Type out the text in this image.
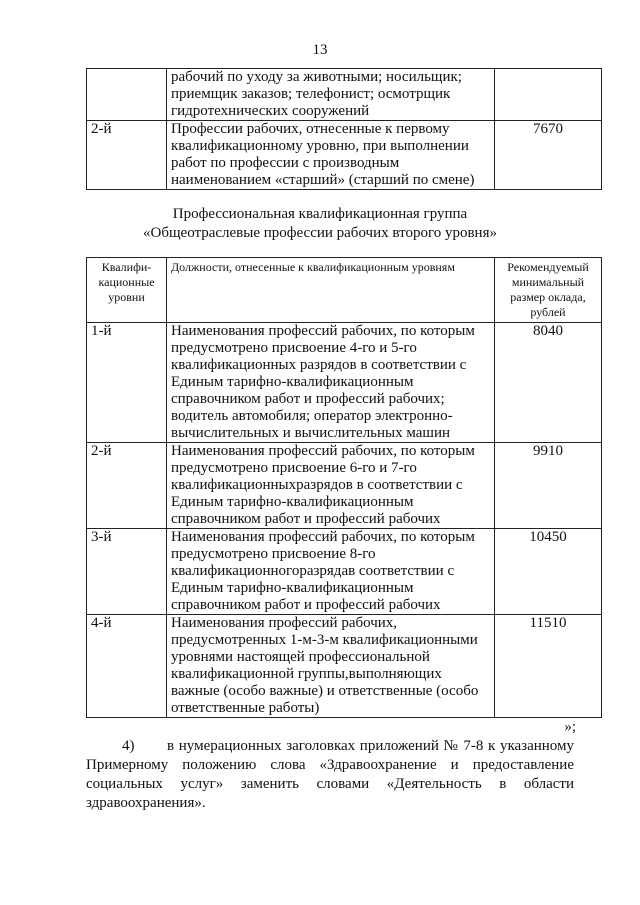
13
	рабочий по уходу за животными; носильщик; приемщик заказов; телефонист; осмотрщик гидротехнических сооружений	
2-й	Профессии рабочих, отнесенные к первому квалификационному уровню, при выполнении работ по профессии с производным наименованием «старший» (старший по смене)	7670
Профессиональная квалификационная группа
«Общеотраслевые профессии рабочих второго уровня»
Квалифи-кационные уровни	Должности, отнесенные к квалификационным уровням	Рекомендуемый минимальный размер оклада, рублей
1-й	Наименования профессий рабочих, по которым предусмотрено присвоение 4-го и 5-го квалификационных разрядов в соответствии с Единым тарифно-квалификационным справочником работ и профессий рабочих; водитель автомобиля; оператор электронно-вычислительных и вычислительных машин	8040
2-й	Наименования профессий рабочих, по которым предусмотрено присвоение 6-го и 7-го квалификационныхразрядов в соответствии с Единым тарифно-квалификационным справочником работ и профессий рабочих	9910
3-й	Наименования профессий рабочих, по которым предусмотрено присвоение 8-го квалификационногоразрядав соответствии с Единым тарифно-квалификационным справочником работ и профессий рабочих	10450
4-й	Наименования профессий рабочих, предусмотренных 1-м-3-м квалификационными уровнями настоящей профессиональной квалификационной группы,выполняющих важные (особо важные) и ответственные (особо ответственные работы)	11510
»;
4) в нумерационных заголовках приложений № 7-8 к указанному Примерному положению слова «Здравоохранение и предоставление социальных услуг» заменить словами «Деятельность в области здравоохранения».
